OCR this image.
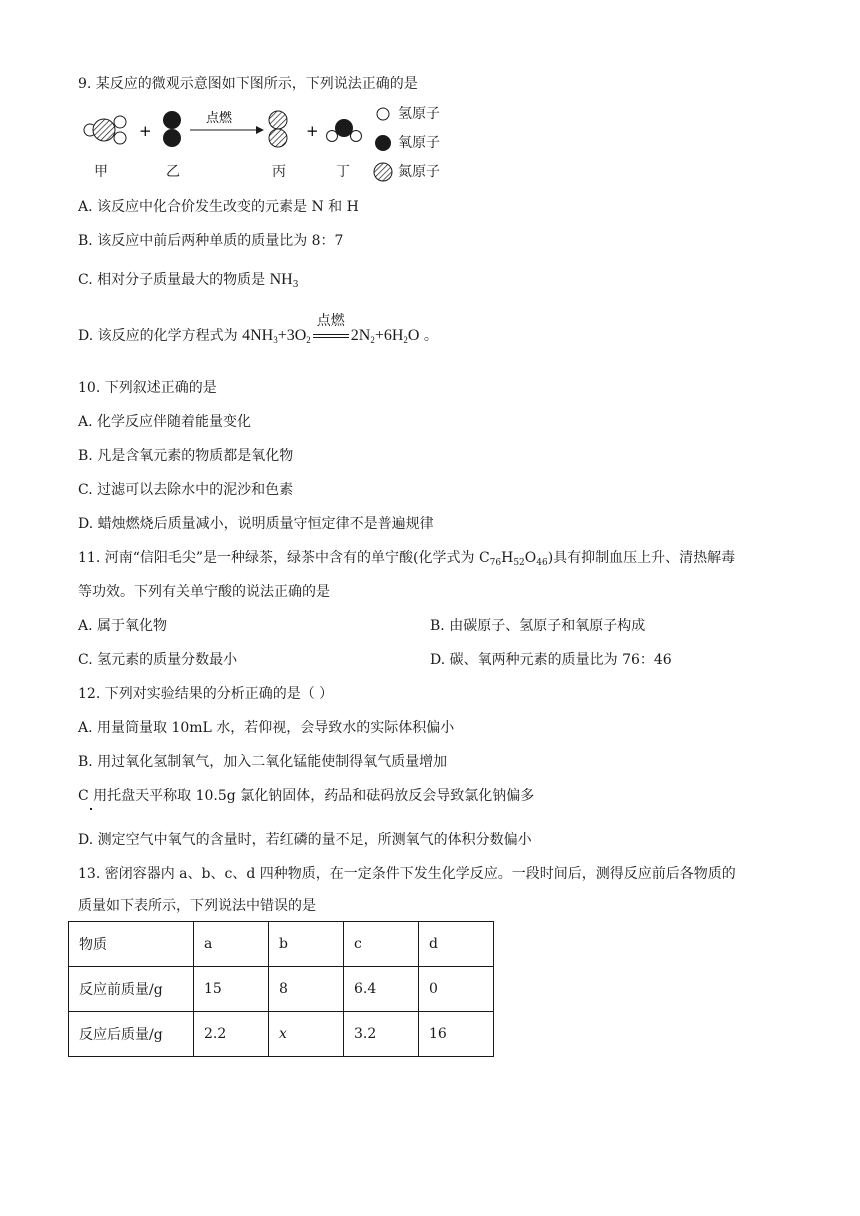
9. 某反应的微观示意图如下图所示，下列说法正确的是
+
点燃
+
甲	乙	丙	丁
氢原子
氧原子
氮原子
A. 该反应中化合价发生改变的元素是 N 和 H
B. 该反应中前后两种单质的质量比为 8：7
C. 相对分子质量最大的物质是 $NH_3$
D. 该反应的化学方程式为 $4NH_3+3O_2$
点燃
$2N_2+6H_2O$ 。
10. 下列叙述正确的是
A. 化学反应伴随着能量变化
B. 凡是含氧元素的物质都是氧化物
C. 过滤可以去除水中的泥沙和色素
D. 蜡烛燃烧后质量减小，说明质量守恒定律不是普遍规律
11. 河南“信阳毛尖”是一种绿茶，绿茶中含有的单宁酸(化学式为 $C_{76}H_{52}O_{46}$)具有抑制血压上升、清热解毒
等功效。下列有关单宁酸的说法正确的是
A. 属于氧化物	B. 由碳原子、氢原子和氧原子构成
C. 氢元素的质量分数最小	D. 碳、氧两种元素的质量比为 76：46
12. 下列对实验结果的分析正确的是（ ）
A. 用量筒量取 10mL 水，若仰视，会导致水的实际体积偏小
B. 用过氧化氢制氧气，加入二氧化锰能使制得氧气质量增加
C 用托盘天平称取 10.5g 氯化钠固体，药品和砝码放反会导致氯化钠偏多
D. 测定空气中氧气的含量时，若红磷的量不足，所测氧气的体积分数偏小
13. 密闭容器内 a、b、c、d 四种物质，在一定条件下发生化学反应。一段时间后，测得反应前后各物质的
质量如下表所示，下列说法中错误的是
物质	a	b	c	d
反应前质量/g	15	8	6.4	0
反应后质量/g	2.2	x	3.2	16
